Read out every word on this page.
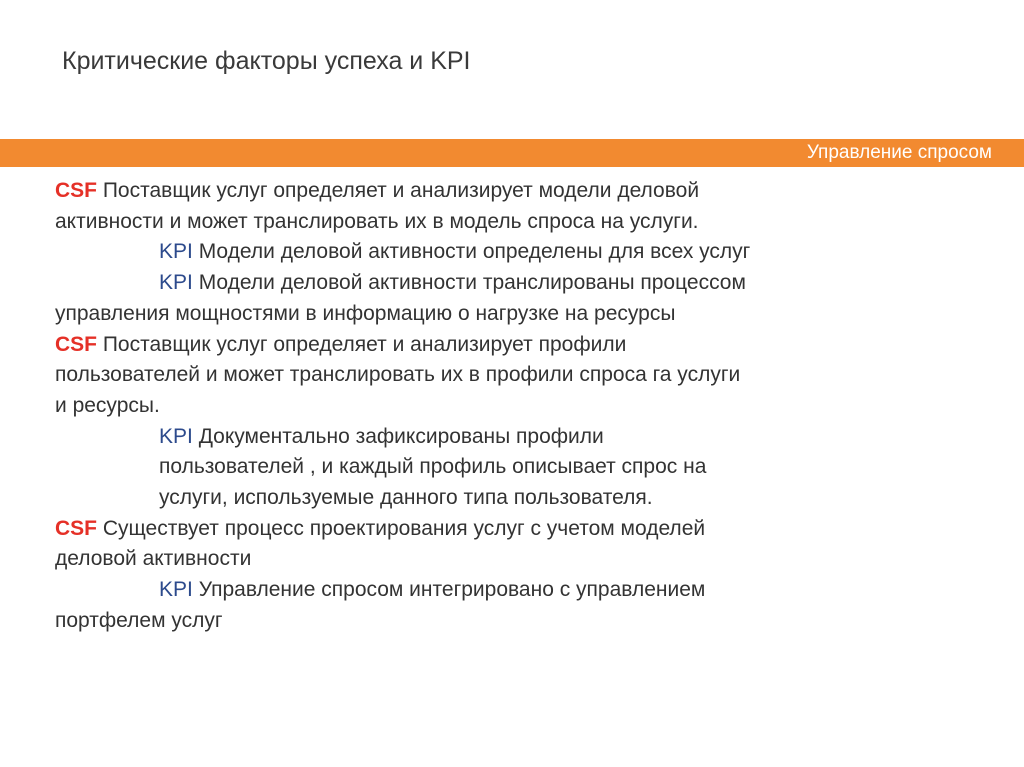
Критические факторы успеха и KPI
Управление спросом
CSF Поставщик услуг определяет и анализирует модели деловой
активности и может транслировать их в модель спроса на услуги.
KPI Модели деловой активности определены для всех услуг
KPI Модели деловой активности транслированы процессом
управления мощностями в информацию о нагрузке на ресурсы
CSF Поставщик услуг определяет и анализирует профили
пользователей и может транслировать их в профили спроса га услуги
и ресурсы.
KPI Документально зафиксированы профили
пользователей , и каждый профиль описывает спрос на
услуги, используемые данного типа пользователя.
CSF Существует процесс проектирования услуг с учетом моделей
деловой активности
KPI Управление спросом интегрировано с управлением
портфелем услуг
